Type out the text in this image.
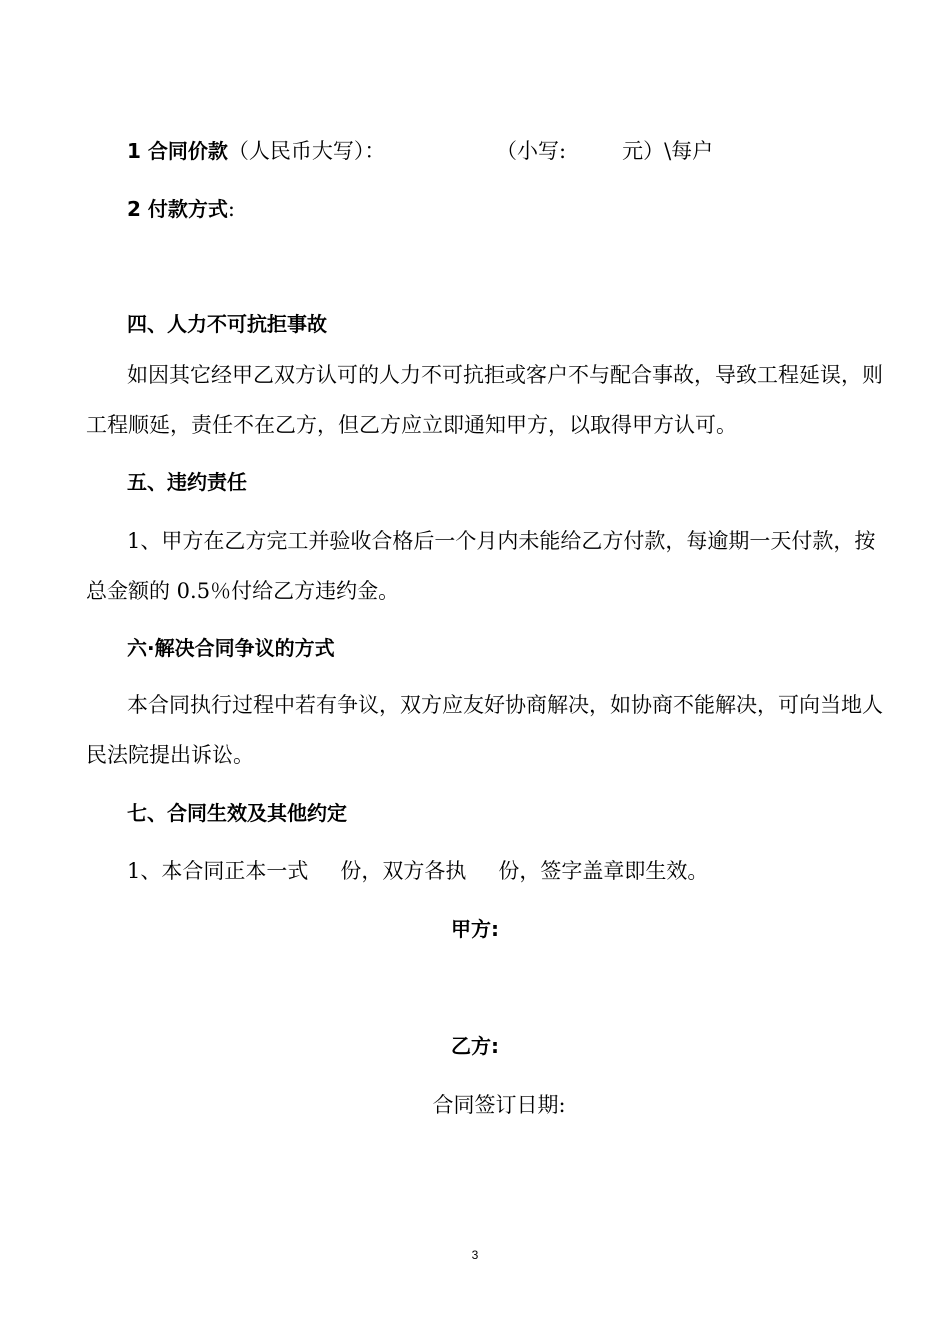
1 合同价款（人民币大写）：	（小写:	元）\每户
2 付款方式:
四、人力不可抗拒事故
如因其它经甲乙双方认可的人力不可抗拒或客户不与配合事故，导致工程延误，则
工程顺延，责任不在乙方，但乙方应立即通知甲方，以取得甲方认可。
五、违约责任
1、甲方在乙方完工并验收合格后一个月内未能给乙方付款，每逾期一天付款，按
总金额的 0.5％付给乙方违约金。
六·解决合同争议的方式
本合同执行过程中若有争议，双方应友好协商解决，如协商不能解决，可向当地人
民法院提出诉讼。
七、合同生效及其他约定
1、本合同正本一式 份，双方各执 份，签字盖章即生效。
甲方:
乙方:
合同签订日期:
3
